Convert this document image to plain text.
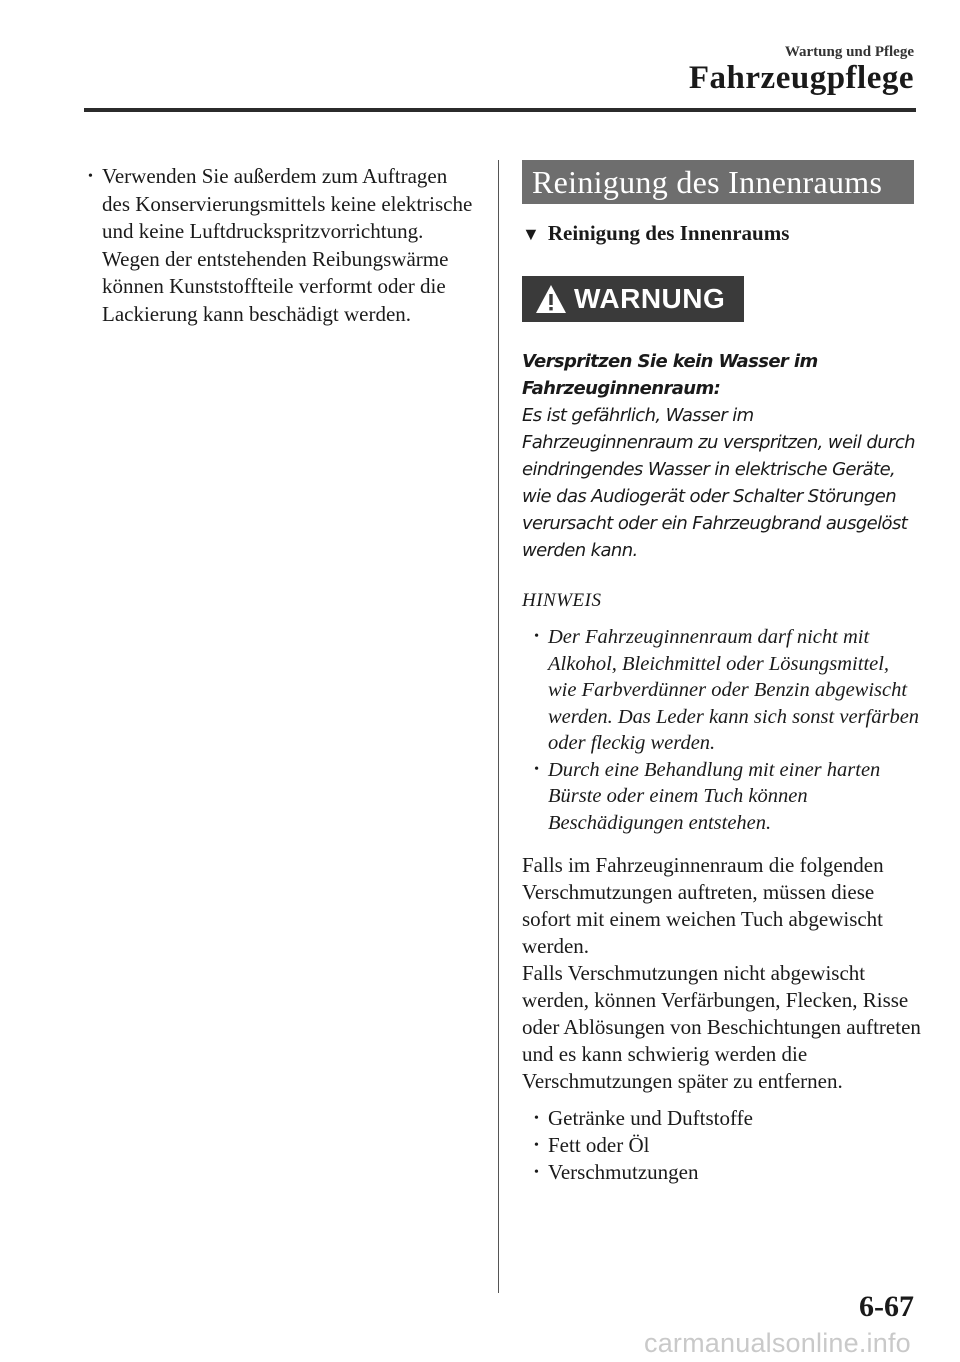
Wartung und Pflege
Fahrzeugpflege
• Verwenden Sie außerdem zum Auftragen des Konservierungsmittels keine elektrische und keine Luftdruckspritzvorrichtung. Wegen der entstehenden Reibungswärme können Kunststoffteile verformt oder die Lackierung kann beschädigt werden.
Reinigung des Innenraums
▼ Reinigung des Innenraums
WARNUNG
Verspritzen Sie kein Wasser im Fahrzeuginnenraum:
Es ist gefährlich, Wasser im Fahrzeuginnenraum zu verspritzen, weil durch eindringendes Wasser in elektrische Geräte, wie das Audiogerät oder Schalter Störungen verursacht oder ein Fahrzeugbrand ausgelöst werden kann.
HINWEIS
• Der Fahrzeuginnenraum darf nicht mit Alkohol, Bleichmittel oder Lösungsmittel, wie Farbverdünner oder Benzin abgewischt werden. Das Leder kann sich sonst verfärben oder fleckig werden.
• Durch eine Behandlung mit einer harten Bürste oder einem Tuch können Beschädigungen entstehen.
Falls im Fahrzeuginnenraum die folgenden Verschmutzungen auftreten, müssen diese sofort mit einem weichen Tuch abgewischt werden.
Falls Verschmutzungen nicht abgewischt werden, können Verfärbungen, Flecken, Risse oder Ablösungen von Beschichtungen auftreten und es kann schwierig werden die Verschmutzungen später zu entfernen.
• Getränke und Duftstoffe
• Fett oder Öl
• Verschmutzungen
6-67
carmanualsonline.info
